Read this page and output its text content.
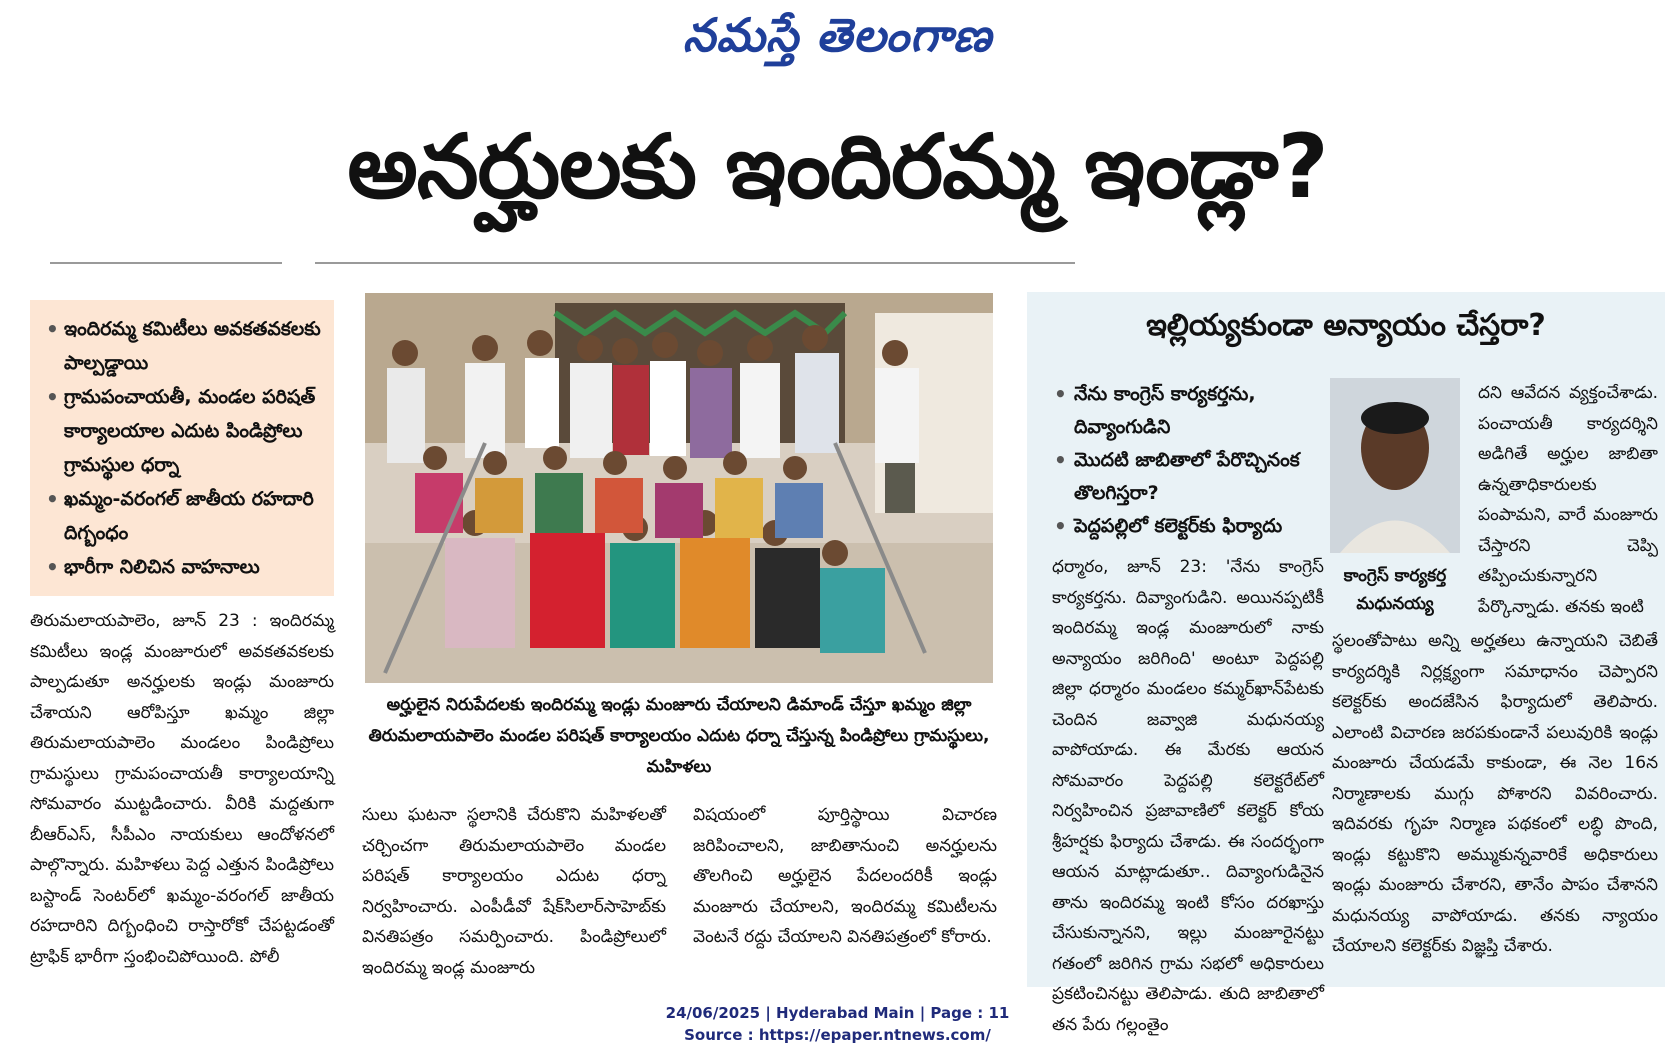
నమస్తే తెలంగాణ
అనర్హులకు ఇందిరమ్మ ఇండ్లా?
• ఇందిరమ్మ కమిటీలు అవకతవకలకు పాల్పడ్డాయి
• గ్రామపంచాయతీ, మండల పరిషత్ కార్యాలయాల ఎదుట పిండిప్రోలు గ్రామస్థుల ధర్నా
• ఖమ్మం-వరంగల్ జాతీయ రహదారి దిగ్బంధం
• భారీగా నిలిచిన వాహనాలు
తిరుమలాయపాలెం, జూన్ 23 : ఇందిరమ్మ కమిటీలు ఇండ్ల మంజూరులో అవకతవకలకు పాల్పడుతూ అనర్హులకు ఇండ్లు మంజూరు చేశాయని ఆరోపిస్తూ ఖమ్మం జిల్లా తిరుమలాయపాలెం మండలం పిండిప్రోలు గ్రామస్థులు గ్రామపంచాయతీ కార్యాలయాన్ని సోమవారం ముట్టడించారు. వీరికి మద్దతుగా బీఆర్ఎస్, సీపీఎం నాయకులు ఆందోళనలో పాల్గొన్నారు. మహిళలు పెద్ద ఎత్తున పిండిప్రోలు బస్టాండ్ సెంటర్‌లో ఖమ్మం-వరంగల్ జాతీయ రహదారిని దిగ్బంధించి రాస్తారోకో చేపట్టడంతో ట్రాఫిక్ భారీగా స్తంభించిపోయింది. పోలీ
సులు ఘటనా స్థలానికి చేరుకొని మహిళలతో చర్చించగా తిరుమలాయపాలెం మండల పరిషత్ కార్యాలయం ఎదుట ధర్నా నిర్వహించారు. ఎంపీడీవో షేక్‌సిలార్‌సాహెబ్‌కు వినతిపత్రం సమర్పించారు. పిండిప్రోలులో ఇందిరమ్మ ఇండ్ల మంజూరు
విషయంలో పూర్తిస్థాయి విచారణ జరిపించాలని, జాబితానుంచి అనర్హులను తొలగించి అర్హులైన పేదలందరికీ ఇండ్లు మంజూరు చేయాలని, ఇందిరమ్మ కమిటీలను వెంటనే రద్దు చేయాలని వినతిపత్రంలో కోరారు.
అర్హులైన నిరుపేదలకు ఇందిరమ్మ ఇండ్లు మంజూరు చేయాలని డిమాండ్ చేస్తూ ఖమ్మం జిల్లా తిరుమలాయపాలెం మండల పరిషత్ కార్యాలయం ఎదుట ధర్నా చేస్తున్న పిండిప్రోలు గ్రామస్థులు, మహిళలు
ఇల్లియ్యకుండా అన్యాయం చేస్తరా?
• నేను కాంగ్రెస్ కార్యకర్తను, దివ్యాంగుడిని
• మొదటి జాబితాలో పేరొచ్చినంక తొలగిస్తరా?
• పెద్దపల్లిలో కలెక్టర్‌కు ఫిర్యాదు
కాంగ్రెస్ కార్యకర్త మధునయ్య
ధర్మారం, జూన్ 23: 'నేను కాంగ్రెస్ కార్యకర్తను. దివ్యాంగుడిని. అయినప్పటికీ ఇందిరమ్మ ఇండ్ల మంజూరులో నాకు అన్యాయం జరిగింది' అంటూ పెద్దపల్లి జిల్లా ధర్మారం మండలం కమ్మర్‌ఖాన్‌పేటకు చెందిన జవ్వాజి మధునయ్య వాపోయాడు. ఈ మేరకు ఆయన సోమవారం పెద్దపల్లి కలెక్టరేట్‌లో నిర్వహించిన ప్రజావాణిలో కలెక్టర్ కోయ శ్రీహర్షకు ఫిర్యాదు చేశాడు. ఈ సందర్భంగా ఆయన మాట్లాడుతూ.. దివ్యాంగుడినైన తాను ఇందిరమ్మ ఇంటి కోసం దరఖాస్తు చేసుకున్నానని, ఇల్లు మంజూరైనట్టు గతంలో జరిగిన గ్రామ సభలో అధికారులు ప్రకటించినట్టు తెలిపాడు. తుది జాబితాలో తన పేరు గల్లంతైం
దని ఆవేదన వ్యక్తంచేశాడు. పంచాయతీ కార్యదర్శిని అడిగితే అర్హుల జాబితా ఉన్నతాధికారులకు పంపామని, వారే మంజూరు చేస్తారని చెప్పి తప్పించుకున్నారని పేర్కొన్నాడు. తనకు ఇంటి
స్థలంతోపాటు అన్ని అర్హతలు ఉన్నాయని చెబితే కార్యదర్శికి నిర్లక్ష్యంగా సమాధానం చెప్పారని కలెక్టర్‌కు అందజేసిన ఫిర్యాదులో తెలిపారు. ఎలాంటి విచారణ జరపకుండానే పలువురికి ఇండ్లు మంజూరు చేయడమే కాకుండా, ఈ నెల 16న నిర్మాణాలకు ముగ్గు పోశారని వివరించారు. ఇదివరకు గృహ నిర్మాణ పథకంలో లబ్ధి పొంది, ఇండ్లు కట్టుకొని అమ్ముకున్నవారికే అధికారులు ఇండ్లు మంజూరు చేశారని, తానేం పాపం చేశానని మధునయ్య వాపోయాడు. తనకు న్యాయం చేయాలని కలెక్టర్‌కు విజ్ఞప్తి చేశారు.
24/06/2025 | Hyderabad Main | Page : 11
Source : https://epaper.ntnews.com/
